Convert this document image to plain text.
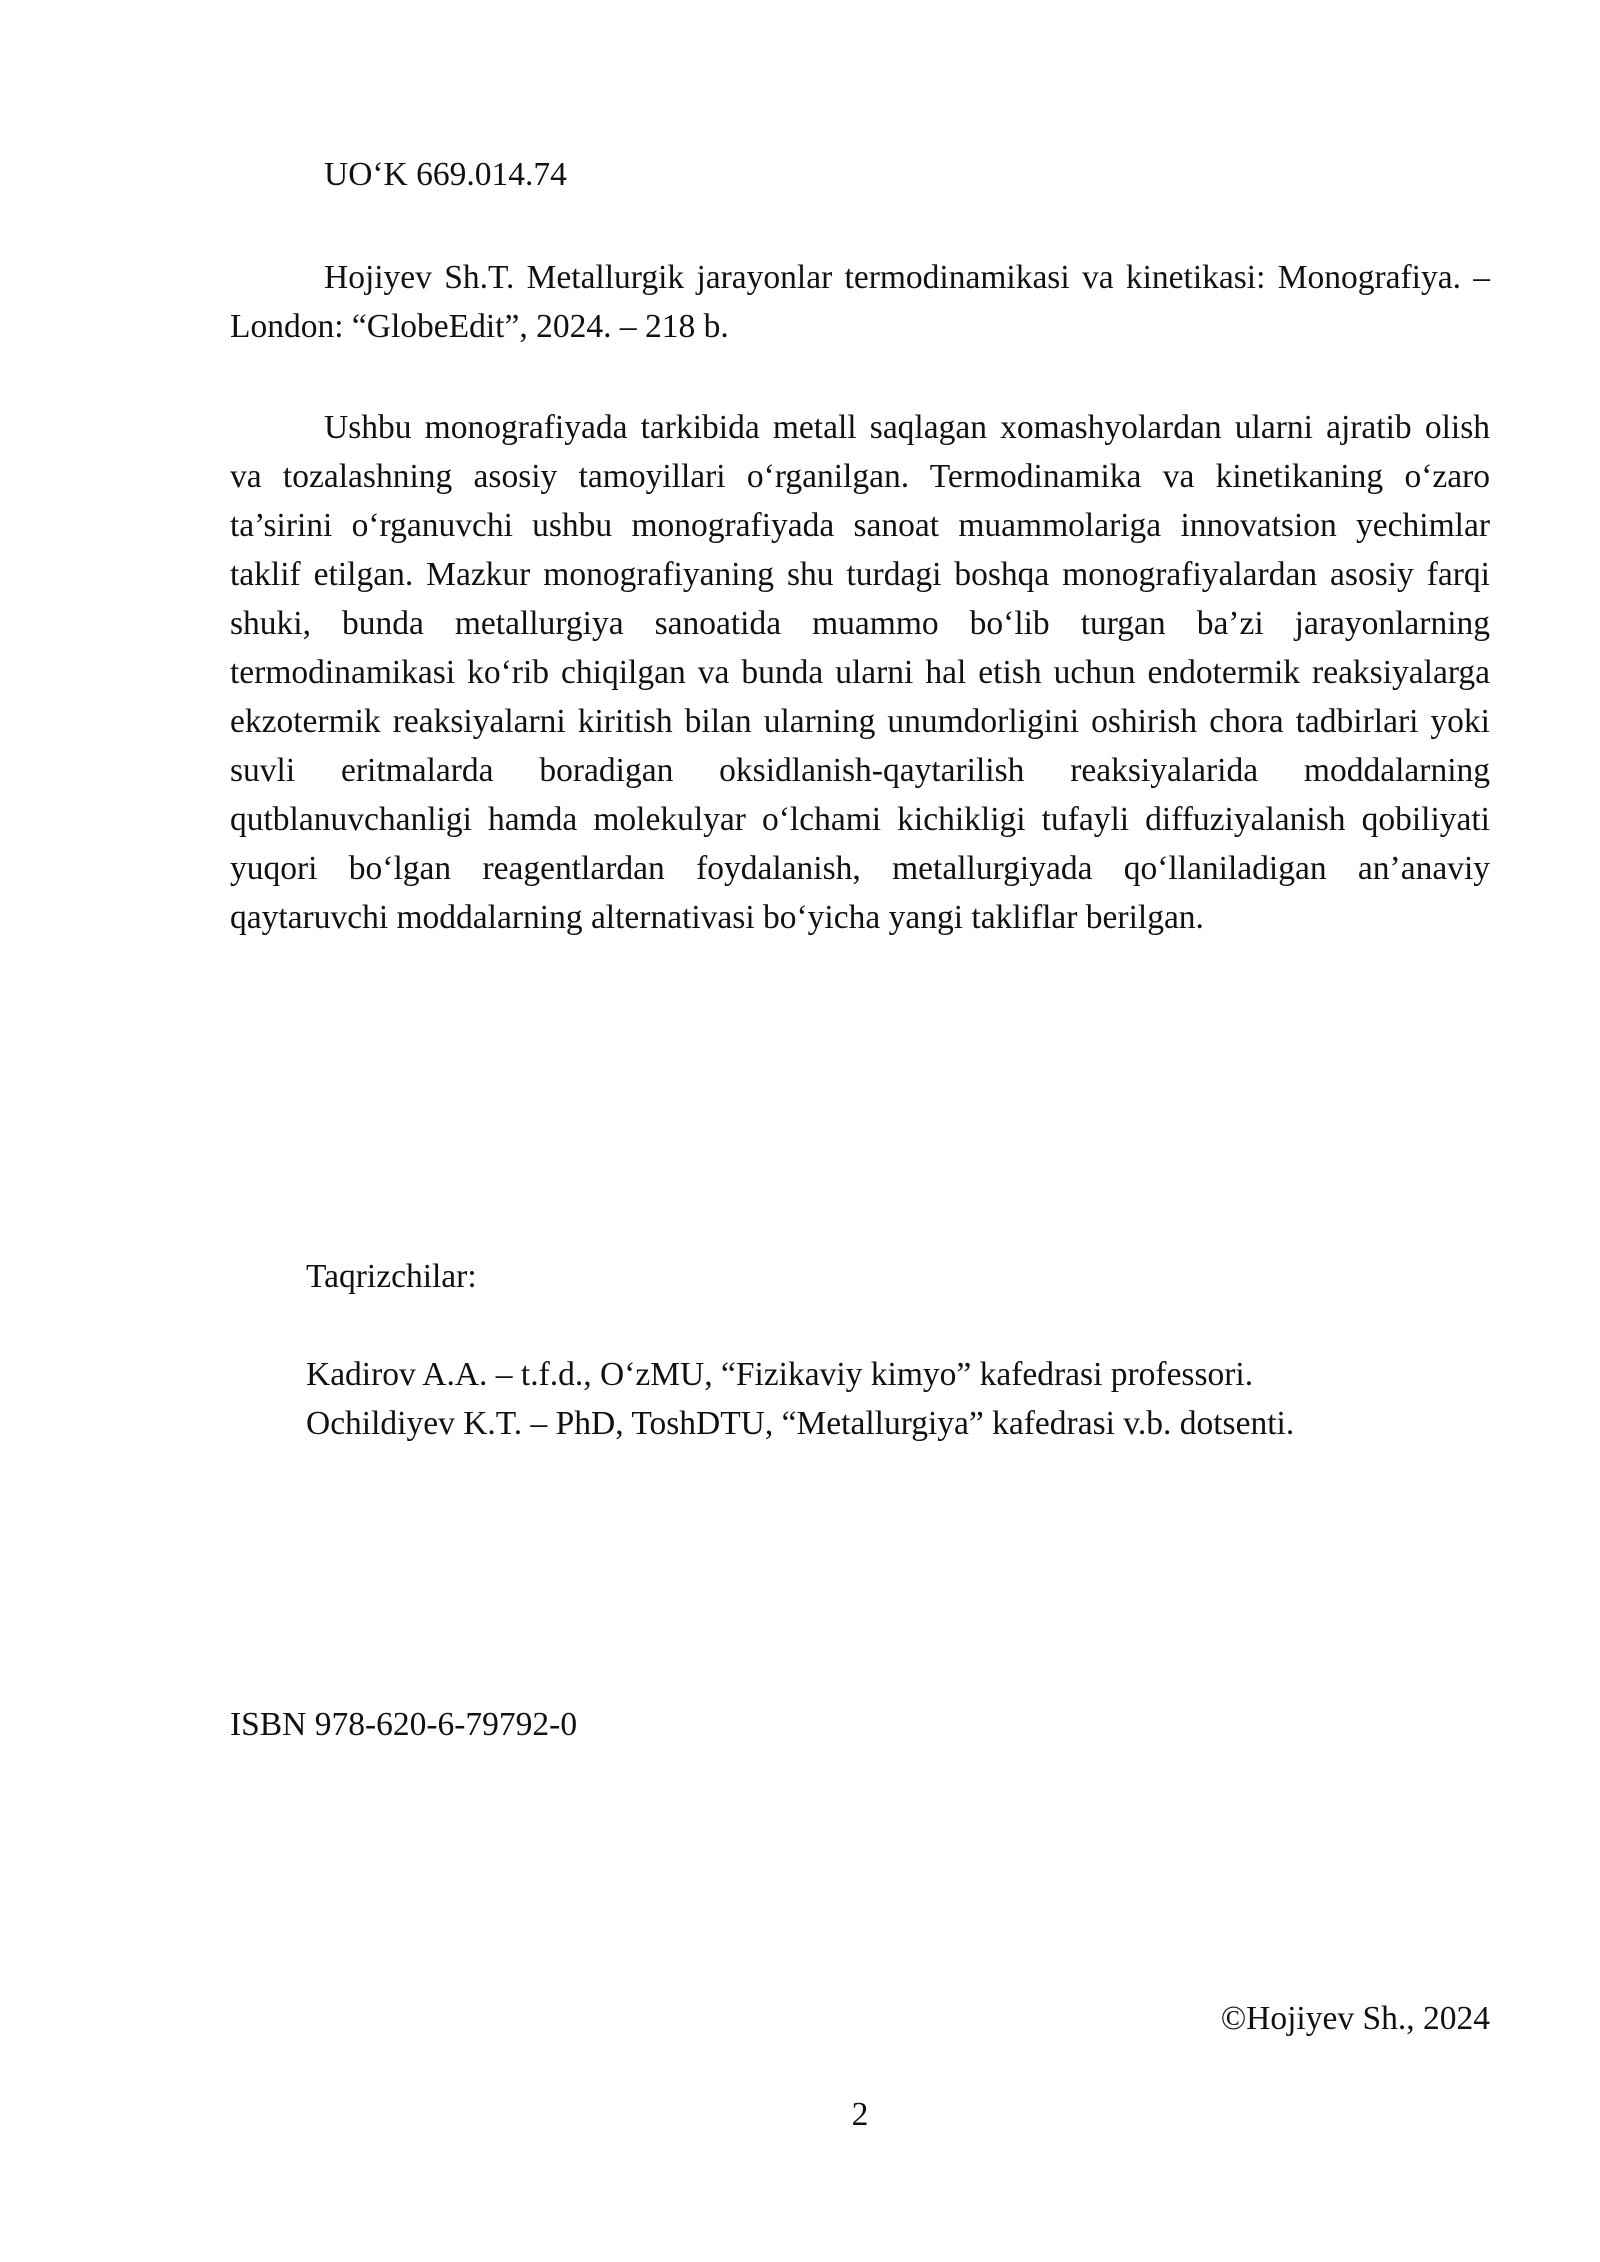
UO‘K 669.014.74

Hojiyev Sh.T. Metallurgik jarayonlar termodinamikasi va kinetikasi: Monografiya. – London: “GlobeEdit”, 2024. – 218 b.

Ushbu monografiyada tarkibida metall saqlagan xomashyolardan ularni ajratib olish va tozalashning asosiy tamoyillari o‘rganilgan. Termodinamika va kinetikaning o‘zaro ta’sirini o‘rganuvchi ushbu monografiyada sanoat muammolariga innovatsion yechimlar taklif etilgan. Mazkur monografiyaning shu turdagi boshqa monografiyalardan asosiy farqi shuki, bunda metallurgiya sanoatida muammo bo‘lib turgan ba’zi jarayonlarning termodinamikasi ko‘rib chiqilgan va bunda ularni hal etish uchun endotermik reaksiyalarga ekzotermik reaksiyalarni kiritish bilan ularning unumdorligini oshirish chora tadbirlari yoki suvli eritmalarda boradigan oksidlanish-qaytarilish reaksiyalarida moddalarning qutblanuvchanligi hamda molekulyar o‘lchami kichikligi tufayli diffuziyalanish qobiliyati yuqori bo‘lgan reagentlardan foydalanish, metallurgiyada qo‘llaniladigan an’anaviy qaytaruvchi moddalarning alternativasi bo‘yicha yangi takliflar berilgan.

Taqrizchilar:

Kadirov A.A. – t.f.d., O‘zMU, “Fizikaviy kimyo” kafedrasi professori.
Ochildiyev K.T. – PhD, ToshDTU, “Metallurgiya” kafedrasi v.b. dotsenti.

ISBN 978-620-6-79792-0

©Hojiyev Sh., 2024

2
